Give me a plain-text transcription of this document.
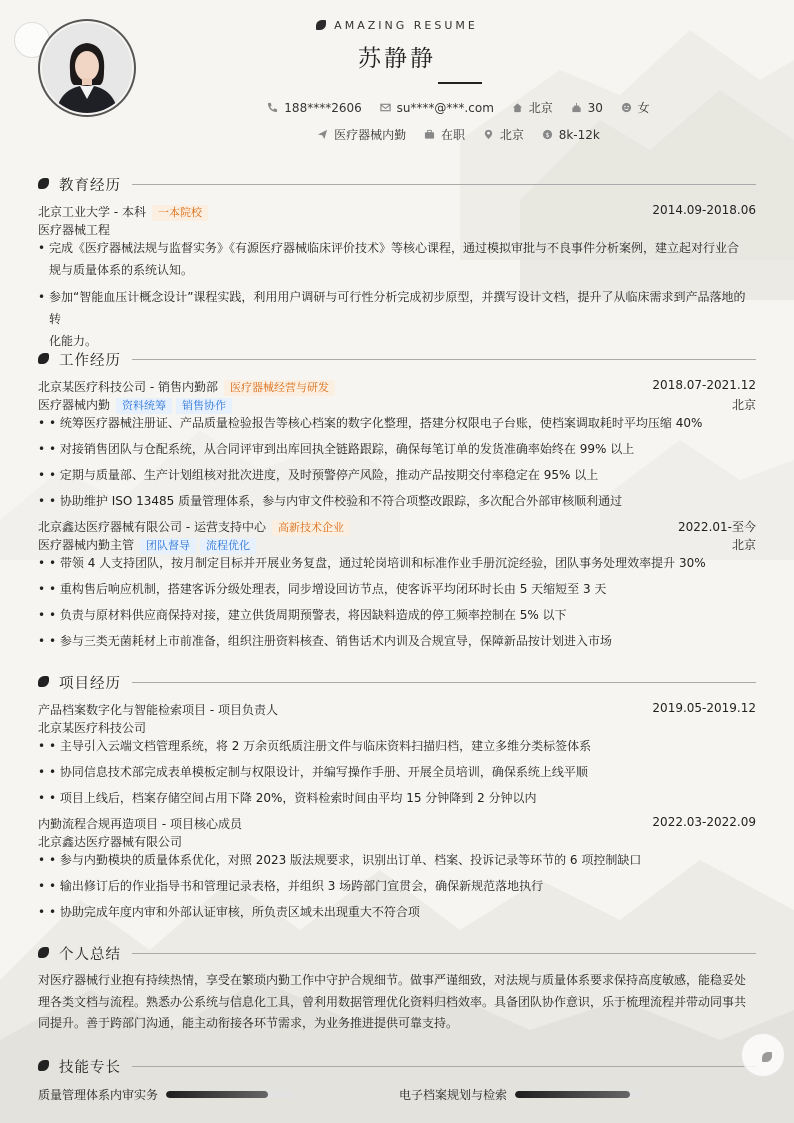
AMAZING RESUME
苏静静
188****2606	su****@***.com	北京	30	女
医疗器械内勤	在职	北京	$ 8k-12k
教育经历
北京工业大学 - 本科 一本院校	2014.09-2018.06
医疗器械工程
• 完成《医疗器械法规与监督实务》《有源医疗器械临床评价技术》等核心课程，通过模拟审批与不良事件分析案例，建立起对行业合
规与质量体系的系统认知。
• 参加“智能血压计概念设计”课程实践，利用用户调研与可行性分析完成初步原型，并撰写设计文档，提升了从临床需求到产品落地的转
化能力。
工作经历
北京某医疗科技公司 - 销售内勤部 医疗器械经营与研发	2018.07-2021.12
医疗器械内勤 资料统筹 销售协作	北京
• • 统筹医疗器械注册证、产品质量检验报告等核心档案的数字化整理，搭建分权限电子台账，使档案调取耗时平均压缩 40%
• • 对接销售团队与仓配系统，从合同评审到出库回执全链路跟踪，确保每笔订单的发货准确率始终在 99% 以上
• • 定期与质量部、生产计划组核对批次进度，及时预警停产风险，推动产品按期交付率稳定在 95% 以上
• • 协助维护 ISO 13485 质量管理体系，参与内审文件校验和不符合项整改跟踪，多次配合外部审核顺利通过
北京鑫达医疗器械有限公司 - 运营支持中心 高新技术企业	2022.01-至今
医疗器械内勤主管 团队督导 流程优化	北京
• • 带领 4 人支持团队，按月制定目标并开展业务复盘，通过轮岗培训和标准作业手册沉淀经验，团队事务处理效率提升 30%
• • 重构售后响应机制，搭建客诉分级处理表，同步增设回访节点，使客诉平均闭环时长由 5 天缩短至 3 天
• • 负责与原材料供应商保持对接，建立供货周期预警表，将因缺料造成的停工频率控制在 5% 以下
• • 参与三类无菌耗材上市前准备，组织注册资料核查、销售话术内训及合规宣导，保障新品按计划进入市场
项目经历
产品档案数字化与智能检索项目 - 项目负责人	2019.05-2019.12
北京某医疗科技公司
• • 主导引入云端文档管理系统，将 2 万余页纸质注册文件与临床资料扫描归档，建立多维分类标签体系
• • 协同信息技术部完成表单模板定制与权限设计，并编写操作手册、开展全员培训，确保系统上线平顺
• • 项目上线后，档案存储空间占用下降 20%，资料检索时间由平均 15 分钟降到 2 分钟以内
内勤流程合规再造项目 - 项目核心成员	2022.03-2022.09
北京鑫达医疗器械有限公司
• • 参与内勤模块的质量体系优化，对照 2023 版法规要求，识别出订单、档案、投诉记录等环节的 6 项控制缺口
• • 输出修订后的作业指导书和管理记录表格，并组织 3 场跨部门宣贯会，确保新规范落地执行
• • 协助完成年度内审和外部认证审核，所负责区域未出现重大不符合项
个人总结
对医疗器械行业抱有持续热情，享受在繁琐内勤工作中守护合规细节。做事严谨细致，对法规与质量体系要求保持高度敏感，能稳妥处
理各类文档与流程。熟悉办公系统与信息化工具，曾利用数据管理优化资料归档效率。具备团队协作意识，乐于梳理流程并带动同事共
同提升。善于跨部门沟通，能主动衔接各环节需求，为业务推进提供可靠支持。
技能专长
质量管理体系内审实务	电子档案规划与检索
